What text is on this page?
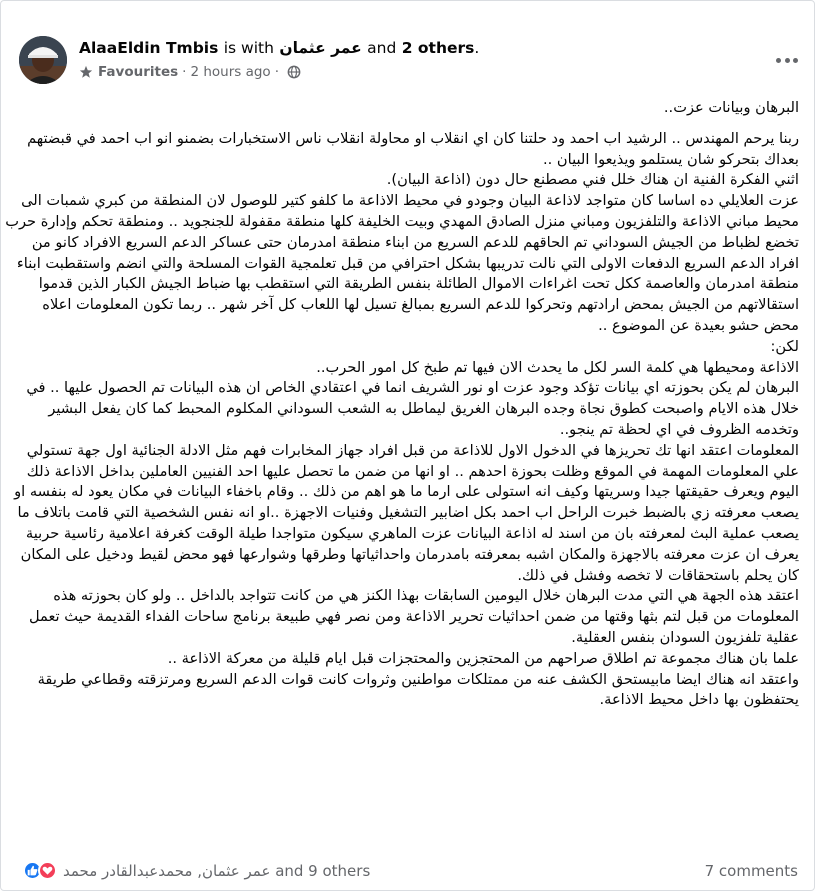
AlaaEldin Tmbis is with عمر عثمان and 2 others.
Favourites · 2 hours ago ·
البرهان وبيانات عزت..
ربنا يرحم المهندس .. الرشيد اب احمد ود حلتنا كان اي انقلاب او محاولة انقلاب ناس الاستخبارات بضمنو انو اب احمد في قبضتهم بعداك بتحركو شان يستلمو ويذيعوا البيان ..
اثني الفكرة الفنية ان هناك خلل فني مصطنع حال دون (اذاعة البيان).
عزت العلايلي ده اساسا كان متواجد لاذاعة البيان وجودو في محيط الاذاعة ما كلفو كتير للوصول لان المنطقة من كبري شمبات الى محيط مباني الاذاعة والتلفزيون ومباني منزل الصادق المهدي وبيت الخليفة كلها منطقة مقفولة للجنجويد .. ومنطقة تحكم وإدارة حرب تخضع لظباط من الجيش السوداني تم الحاقهم للدعم السريع من ابناء منطقة امدرمان حتى عساكر الدعم السريع الافراد كانو من افراد الدعم السريع الدفعات الاولى التي نالت تدريبها بشكل احترافي من قبل تعلمجية القوات المسلحة والتي انضم واستقطبت ابناء منطقة امدرمان والعاصمة ككل تحت اغراءات الاموال الطائلة بنفس الطريقة التي استقطب بها ضباط الجيش الكبار الذين قدموا استقالاتهم من الجيش بمحض ارادتهم وتحركوا للدعم السريع بمبالغ تسيل لها اللعاب كل آخر شهر .. ربما تكون المعلومات اعلاه محض حشو بعيدة عن الموضوع ..
لكن:
الاذاعة ومحيطها هي كلمة السر لكل ما يحدث الان فيها تم طبخ كل امور الحرب..
البرهان لم يكن بحوزته اي بيانات تؤكد وجود عزت او نور الشريف انما في اعتقادي الخاص ان هذه البيانات تم الحصول عليها .. في خلال هذه الايام واصبحت كطوق نجاة وجده البرهان الغريق ليماطل به الشعب السوداني المكلوم المحبط كما كان يفعل البشير وتخدمه الظروف في اي لحظة تم ينجو..
المعلومات اعتقد انها تك تحريزها في الدخول الاول للاذاعة من قبل افراد جهاز المخابرات فهم مثل الادلة الجنائية اول جهة تستولي علي المعلومات المهمة في الموقع وظلت بحوزة احدهم .. او انها من ضمن ما تحصل عليها احد الفنيين العاملين بداخل الاذاعة ذلك اليوم ويعرف حقيقتها جيدا وسريتها وكيف انه استولى على ارما ما هو اهم من ذلك .. وقام باخفاء البيانات في مكان يعود له بنفسه او يصعب معرفته زي بالضبط خبرت الراحل اب احمد بكل اضابير التشغيل وفنيات الاجهزة ..او انه نفس الشخصية التي قامت باتلاف ما يصعب عملية البث لمعرفته بان من اسند له اذاعة البيانات عزت الماهري سيكون متواجدا طيلة الوقت كغرفة اعلامية رئاسية حربية يعرف ان عزت معرفته بالاجهزة والمكان اشبه بمعرفته بامدرمان واحداثياتها وطرقها وشوارعها فهو محض لقيط ودخيل على المكان كان يحلم باستحقاقات لا تخصه وفشل في ذلك.
اعتقد هذه الجهة هي التي مدت البرهان خلال اليومين السابقات بهذا الكنز هي من كانت تتواجد بالداخل .. ولو كان بحوزته هذه المعلومات من قبل لتم بثها وقتها من ضمن احداثيات تحرير الاذاعة ومن نصر فهي طبيعة برنامج ساحات الفداء القديمة حيث تعمل عقلية تلفزيون السودان بنفس العقلية.
علما بان هناك مجموعة تم اطلاق صراحهم من المحتجزين والمحتجزات قبل ايام قليلة من معركة الاذاعة ..
واعتقد انه هناك ايضا مابيستحق الكشف عنه من ممتلكات مواطنين وثروات كانت قوات الدعم السريع ومرتزقته وقطاعي طريقة يحتفظون بها داخل محيط الاذاعة.
عمر عثمان, محمدعبدالقادر محمد and 9 others	7 comments
